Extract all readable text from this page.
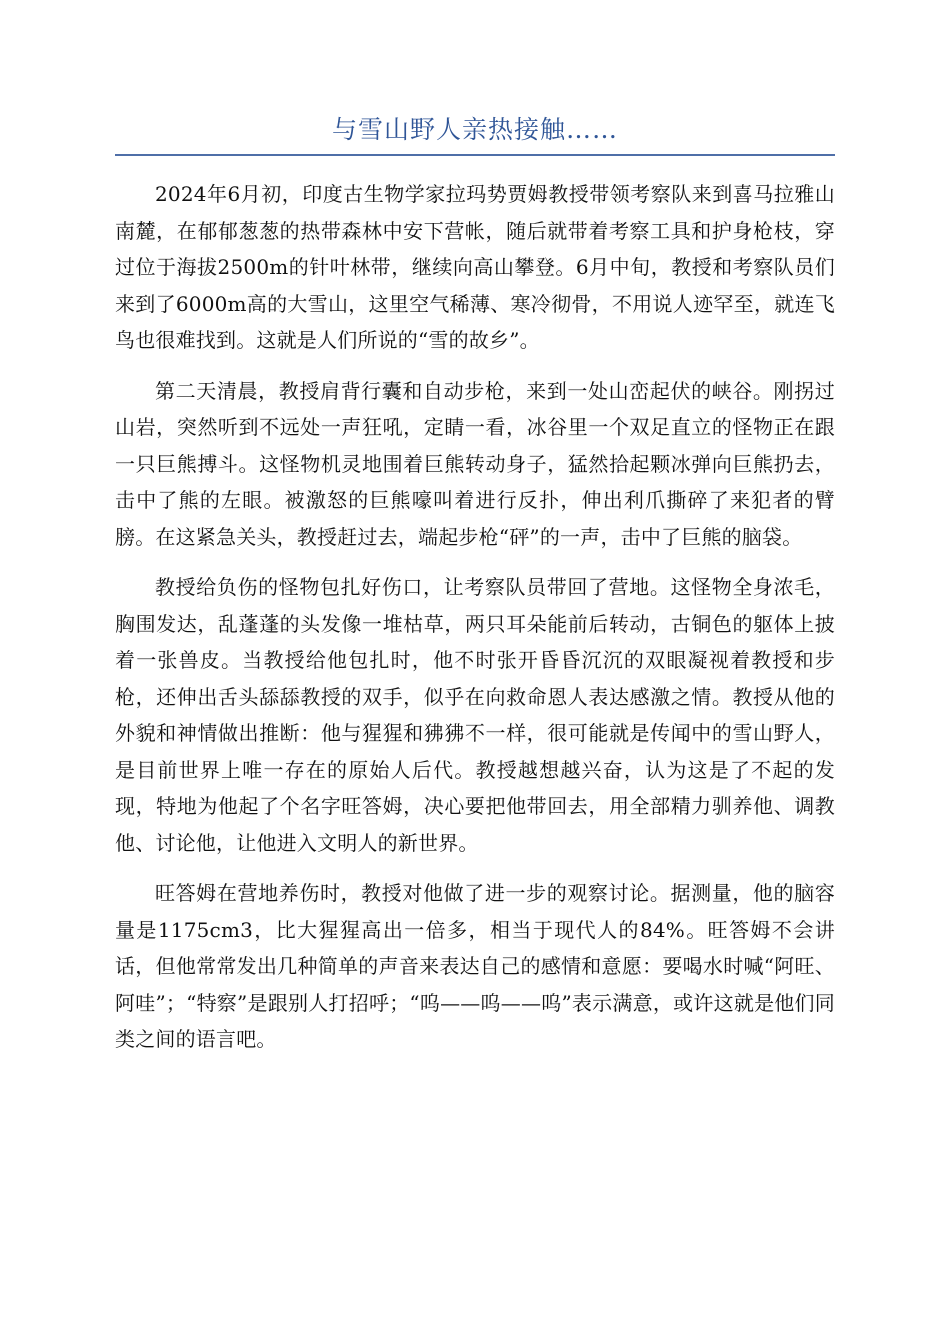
与雪山野人亲热接触……

2024年6月初，印度古生物学家拉玛势贾姆教授带领考察队来到喜马拉雅山南麓，在郁郁葱葱的热带森林中安下营帐，随后就带着考察工具和护身枪枝，穿过位于海拔2500m的针叶林带，继续向高山攀登。6月中旬，教授和考察队员们来到了6000m高的大雪山，这里空气稀薄、寒冷彻骨，不用说人迹罕至，就连飞鸟也很难找到。这就是人们所说的“雪的故乡”。

第二天清晨，教授肩背行囊和自动步枪，来到一处山峦起伏的峡谷。刚拐过山岩，突然听到不远处一声狂吼，定睛一看，冰谷里一个双足直立的怪物正在跟一只巨熊搏斗。这怪物机灵地围着巨熊转动身子，猛然拾起颗冰弹向巨熊扔去，击中了熊的左眼。被激怒的巨熊嚎叫着进行反扑，伸出利爪撕碎了来犯者的臂膀。在这紧急关头，教授赶过去，端起步枪“砰”的一声，击中了巨熊的脑袋。

教授给负伤的怪物包扎好伤口，让考察队员带回了营地。这怪物全身浓毛，胸围发达，乱蓬蓬的头发像一堆枯草，两只耳朵能前后转动，古铜色的躯体上披着一张兽皮。当教授给他包扎时，他不时张开昏昏沉沉的双眼凝视着教授和步枪，还伸出舌头舔舔教授的双手，似乎在向救命恩人表达感激之情。教授从他的外貌和神情做出推断：他与猩猩和狒狒不一样，很可能就是传闻中的雪山野人，是目前世界上唯一存在的原始人后代。教授越想越兴奋，认为这是了不起的发现，特地为他起了个名字旺答姆，决心要把他带回去，用全部精力驯养他、调教他、讨论他，让他进入文明人的新世界。

旺答姆在营地养伤时，教授对他做了进一步的观察讨论。据测量，他的脑容量是1175cm3，比大猩猩高出一倍多，相当于现代人的84%。旺答姆不会讲话，但他常常发出几种简单的声音来表达自己的感情和意愿：要喝水时喊“阿旺、阿哇”；“特察”是跟别人打招呼；“呜——呜——呜”表示满意，或许这就是他们同类之间的语言吧。
